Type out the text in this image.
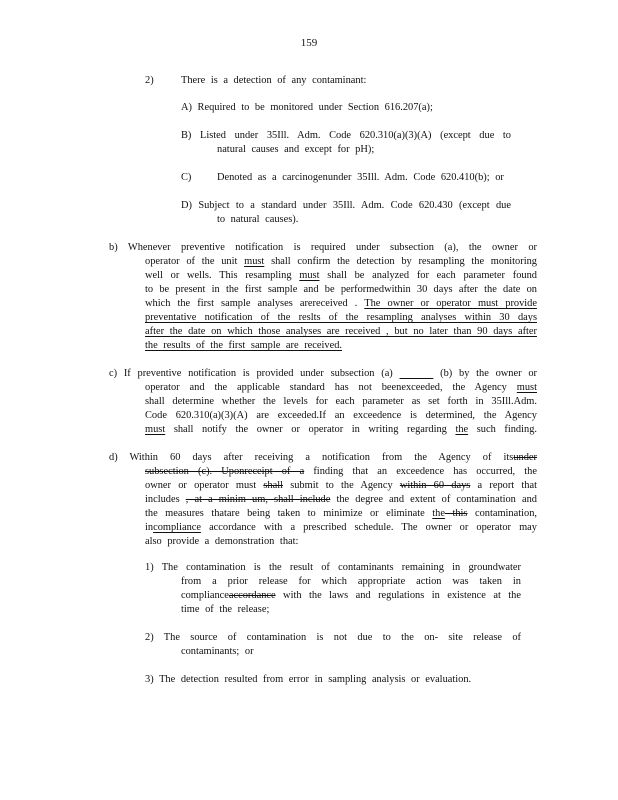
159
2)	There is a detection of any contaminant:
A) Required to be monitored under Section 616.207(a);
B) Listed under 35Ill. Adm. Code 620.310(a)(3)(A) (except due to
natural causes and except for pH);
C) Denoted as a carcinogenunder 35Ill. Adm. Code 620.410(b); or
D) Subject to a standard under 35Ill. Adm. Code 620.430 (except due
to natural causes).
b) Whenever preventive notification is required under subsection (a), the owner or
operator of the unit must shall confirm the detection by resampling the monitoring
well or wells. This resampling must shall be analyzed for each parameter found
to be present in the first sample and be performedwithin 30 days after the date on
which the first sample analyses arereceived . The owner or operator must provide
preventative notification of the reslts of the resampling analyses within 30 days
after the date on which those analyses are received , but no later than 90 days after
the results of the first sample are received.
c) If preventive notification is provided under subsection (a)	(b) by the owner or
operator and the applicable standard has not beenexceeded, the Agency must
shall determine whether the levels for each parameter as set forth in 35Ill.Adm.
Code 620.310(a)(3)(A) are exceeded.If an exceedence is determined, the Agency
must shall notify the owner or operator in writing regarding the such finding.
d) Within 60 days after receiving a notification from the Agency of itsunder
subsection (c). Uponreceipt of a finding that an exceedence has occurred, the
owner or operator must shall submit to the Agency within 60 days a report that
includes , at a minim um, shall include the degree and extent of contamination and
the measures thatare being taken to minimize or eliminate the this contamination,
incompliance accordance with a prescribed schedule. The owner or operator may
also provide a demonstration that:
1) The contamination is the result of contaminants remaining in groundwater
from a prior release for which appropriate action was taken in
complianceaccordance with the laws and regulations in existence at the
time of the release;
2) The source of contamination is not due to the on- site release of
contaminants; or
3) The detection resulted from error in sampling analysis or evaluation.
